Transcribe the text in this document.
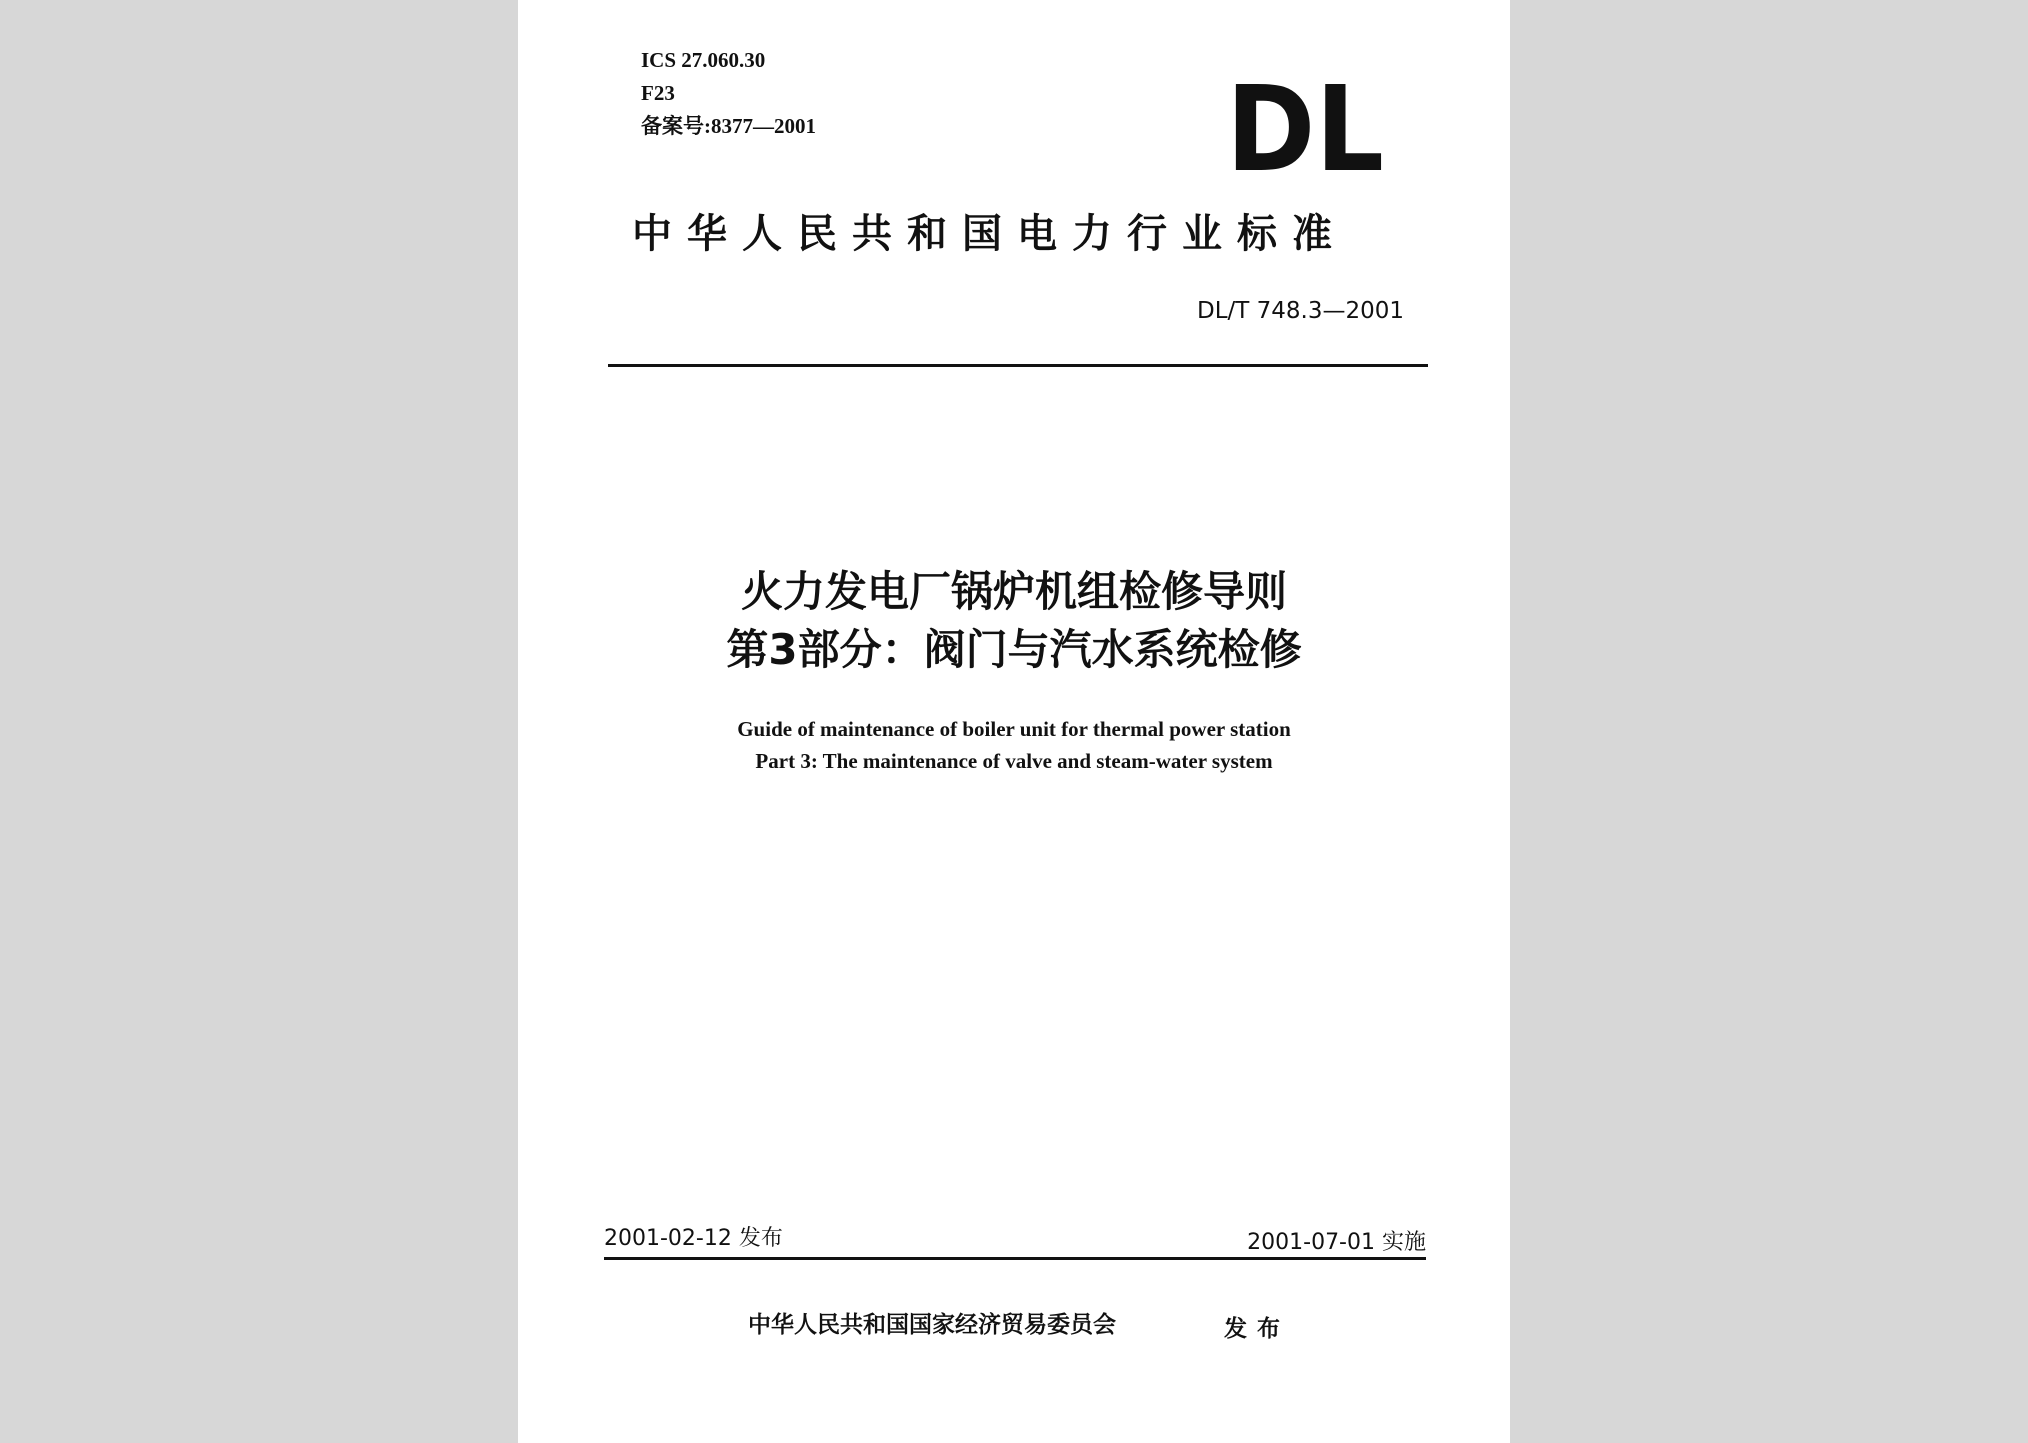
ICS 27.060.30
F23
备案号:8377—2001	DL
中华人民共和国电力行业标准
DL/T 748.3—2001
火力发电厂锅炉机组检修导则
第3部分：阀门与汽水系统检修
Guide of maintenance of boiler unit for thermal power station
Part 3: The maintenance of valve and steam-water system
2001-02-12 发布	2001-07-01 实施
中华人民共和国国家经济贸易委员会	发布
